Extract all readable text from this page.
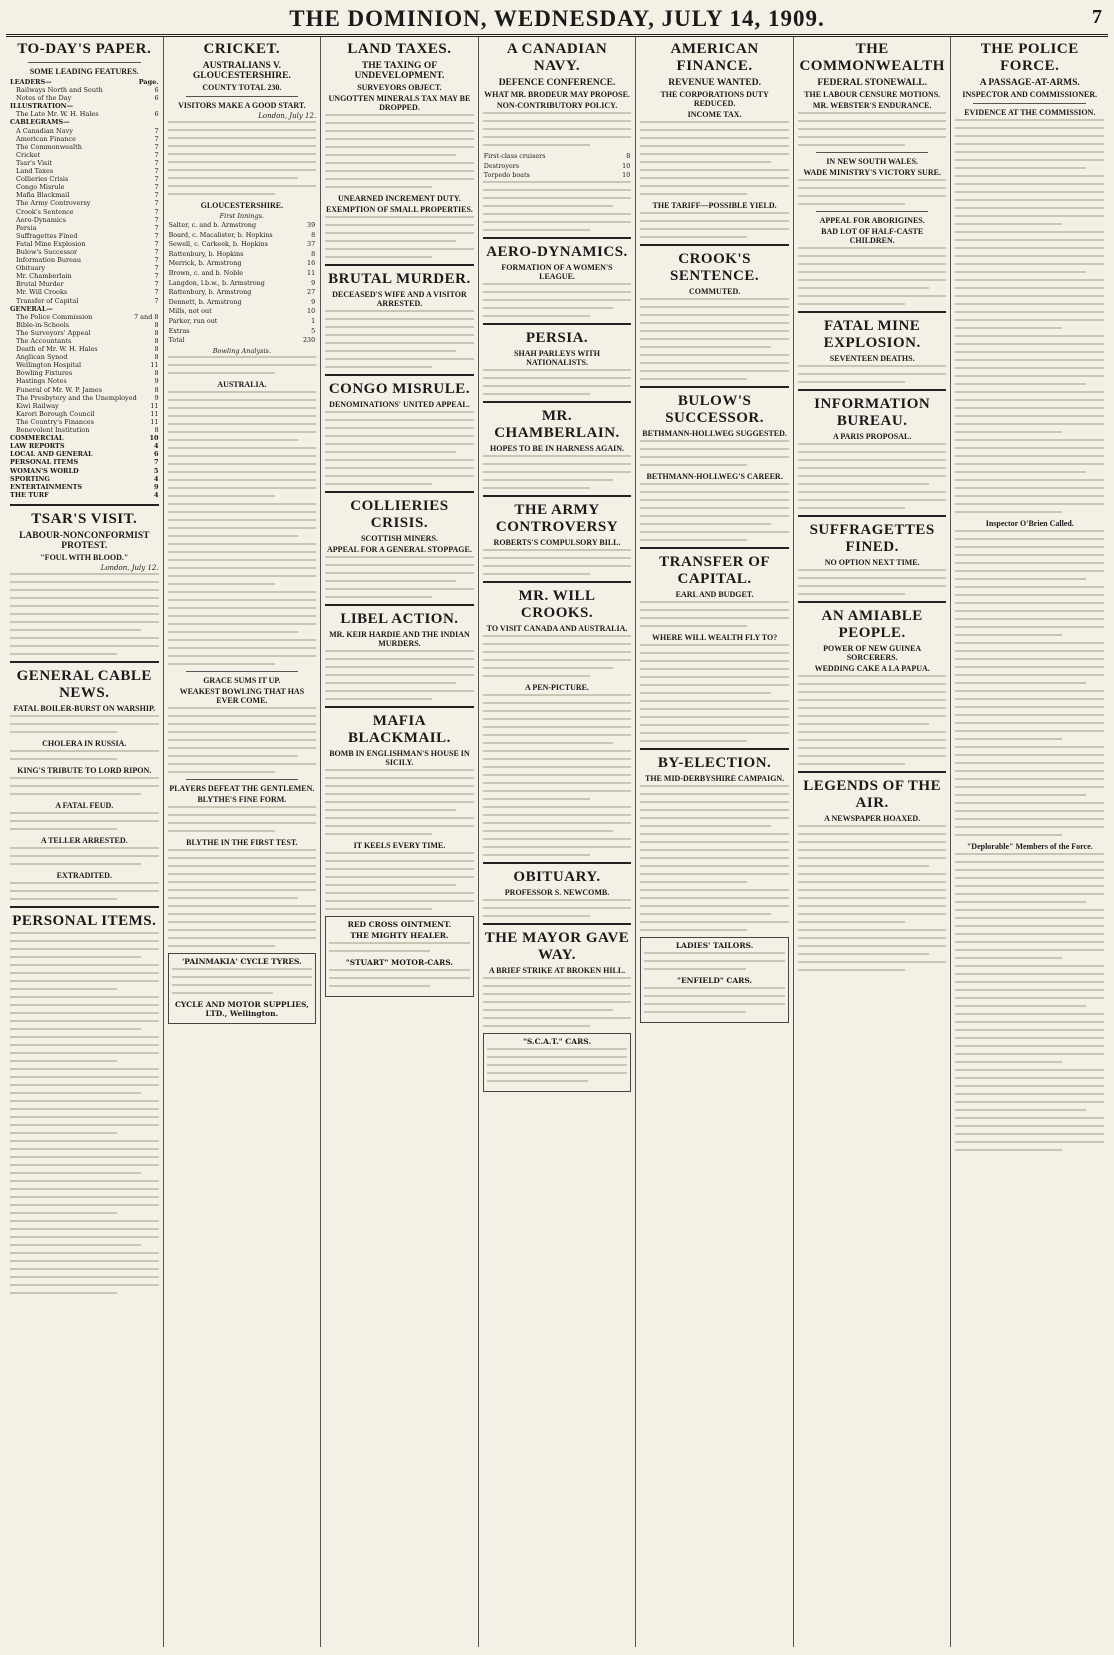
THE DOMINION, WEDNESDAY, JULY 14, 1909.	7
TO-DAY'S PAPER.
SOME LEADING FEATURES.
LEADERS—	Page.
Railways North and South	6
Notes of the Day	6
ILLUSTRATION—
The Late Mr. W. H. Hales	6
CABLEGRAMS—
A Canadian Navy	7
American Finance	7
The Commonwealth	7
Cricket	7
Tsar's Visit	7
Land Taxes	7
Collieries Crisis	7
Congo Misrule	7
Mafia Blackmail	7
The Army Controversy	7
Crook's Sentence	7
Aero-Dynamics	7
Persia	7
Suffragettes Fined	7
Fatal Mine Explosion	7
Bulow's Successor	7
Information Bureau	7
Obituary	7
Mr. Chamberlain	7
Brutal Murder	7
Mr. Will Crooks	7
Transfer of Capital	7
GENERAL—
The Police Commission	7 and 8
Bible-in-Schools	8
The Surveyors' Appeal	8
The Accountants	8
Death of Mr. W. H. Hales	8
Anglican Synod	8
Wellington Hospital	11
Bowling Fixtures	8
Hastings Notes	9
Funeral of Mr. W. P. James	8
The Presbytery and the Unemployed	9
Kiwi Railway	11
Karori Borough Council	11
The Country's Finances	11
Benevolent Institution	8
COMMERCIAL	10
LAW REPORTS	4
LOCAL AND GENERAL	6
PERSONAL ITEMS	7
WOMAN'S WORLD	5
SPORTING	4
ENTERTAINMENTS	9
THE TURF	4
TSAR'S VISIT.
LABOUR-NONCONFORMIST PROTEST.
"FOUL WITH BLOOD."
London, July 12.
GENERAL CABLE NEWS.
FATAL BOILER-BURST ON WARSHIP.
CHOLERA IN RUSSIA.
KING'S TRIBUTE TO LORD RIPON.
A FATAL FEUD.
A TELLER ARRESTED.
EXTRADITED.
PERSONAL ITEMS.
CRICKET.
AUSTRALIANS V. GLOUCESTERSHIRE.
COUNTY TOTAL 230.
VISITORS MAKE A GOOD START.
London, July 12.
GLOUCESTERSHIRE.
First Innings.
Salter, c. and b. Armstrong	39
Board, c. Macalister, b. Hopkins	8
Sewell, c. Carkeek, b. Hopkins	37
Rattenbury, b. Hopkins	8
Merrick, b. Armstrong	16
Brown, c. and b. Noble	11
Langdon, l.b.w., b. Armstrong	9
Rattenbury, b. Armstrong	27
Dennett, b. Armstrong	9
Mills, not out	10
Parker, run out	1
Extras	5
Total	230
Bowling Analysis.
AUSTRALIA.
GRACE SUMS IT UP.
WEAKEST BOWLING THAT HAS EVER COME.
PLAYERS DEFEAT THE GENTLEMEN.
BLYTHE'S FINE FORM.
BLYTHE IN THE FIRST TEST.
'PAINMAKIA' CYCLE TYRES.
CYCLE AND MOTOR SUPPLIES, LTD., Wellington.
LAND TAXES.
THE TAXING OF UNDEVELOPMENT.
SURVEYORS OBJECT.
UNGOTTEN MINERALS TAX MAY BE DROPPED.
UNEARNED INCREMENT DUTY.
EXEMPTION OF SMALL PROPERTIES.
BRUTAL MURDER.
DECEASED'S WIFE AND A VISITOR ARRESTED.
CONGO MISRULE.
DENOMINATIONS' UNITED APPEAL.
COLLIERIES CRISIS.
SCOTTISH MINERS.
APPEAL FOR A GENERAL STOPPAGE.
LIBEL ACTION.
MR. KEIR HARDIE AND THE INDIAN MURDERS.
MAFIA BLACKMAIL.
BOMB IN ENGLISHMAN'S HOUSE IN SICILY.
IT KEELS EVERY TIME.
RED CROSS OINTMENT.
THE MIGHTY HEALER.
"STUART" MOTOR-CARS.
A CANADIAN NAVY.
DEFENCE CONFERENCE.
WHAT MR. BRODEUR MAY PROPOSE.
NON-CONTRIBUTORY POLICY.
First-class cruisers	8
Destroyers	10
Torpedo boats	10
AERO-DYNAMICS.
FORMATION OF A WOMEN'S LEAGUE.
PERSIA.
SHAH PARLEYS WITH NATIONALISTS.
MR. CHAMBERLAIN.
HOPES TO BE IN HARNESS AGAIN.
THE ARMY CONTROVERSY
ROBERTS'S COMPULSORY BILL.
MR. WILL CROOKS.
TO VISIT CANADA AND AUSTRALIA.
A PEN-PICTURE.
OBITUARY.
PROFESSOR S. NEWCOMB.
THE MAYOR GAVE WAY.
A BRIEF STRIKE AT BROKEN HILL.
"S.C.A.T." CARS.
AMERICAN FINANCE.
REVENUE WANTED.
THE CORPORATIONS DUTY REDUCED.
INCOME TAX.
THE TARIFF—POSSIBLE YIELD.
CROOK'S SENTENCE.
COMMUTED.
BULOW'S SUCCESSOR.
BETHMANN-HOLLWEG SUGGESTED.
BETHMANN-HOLLWEG'S CAREER.
TRANSFER OF CAPITAL.
EARL AND BUDGET.
WHERE WILL WEALTH FLY TO?
BY-ELECTION.
THE MID-DERBYSHIRE CAMPAIGN.
LADIES' TAILORS.
"ENFIELD" CARS.
THE COMMONWEALTH
FEDERAL STONEWALL.
THE LABOUR CENSURE MOTIONS.
MR. WEBSTER'S ENDURANCE.
IN NEW SOUTH WALES.
WADE MINISTRY'S VICTORY SURE.
APPEAL FOR ABORIGINES.
BAD LOT OF HALF-CASTE CHILDREN.
FATAL MINE EXPLOSION.
SEVENTEEN DEATHS.
INFORMATION BUREAU.
A PARIS PROPOSAL.
SUFFRAGETTES FINED.
NO OPTION NEXT TIME.
AN AMIABLE PEOPLE.
POWER OF NEW GUINEA SORCERERS.
WEDDING CAKE A LA PAPUA.
LEGENDS OF THE AIR.
A NEWSPAPER HOAXED.
THE POLICE FORCE.
A PASSAGE-AT-ARMS.
INSPECTOR AND COMMISSIONER.
EVIDENCE AT THE COMMISSION.
Inspector O'Brien Called.
"Deplorable" Members of the Force.
